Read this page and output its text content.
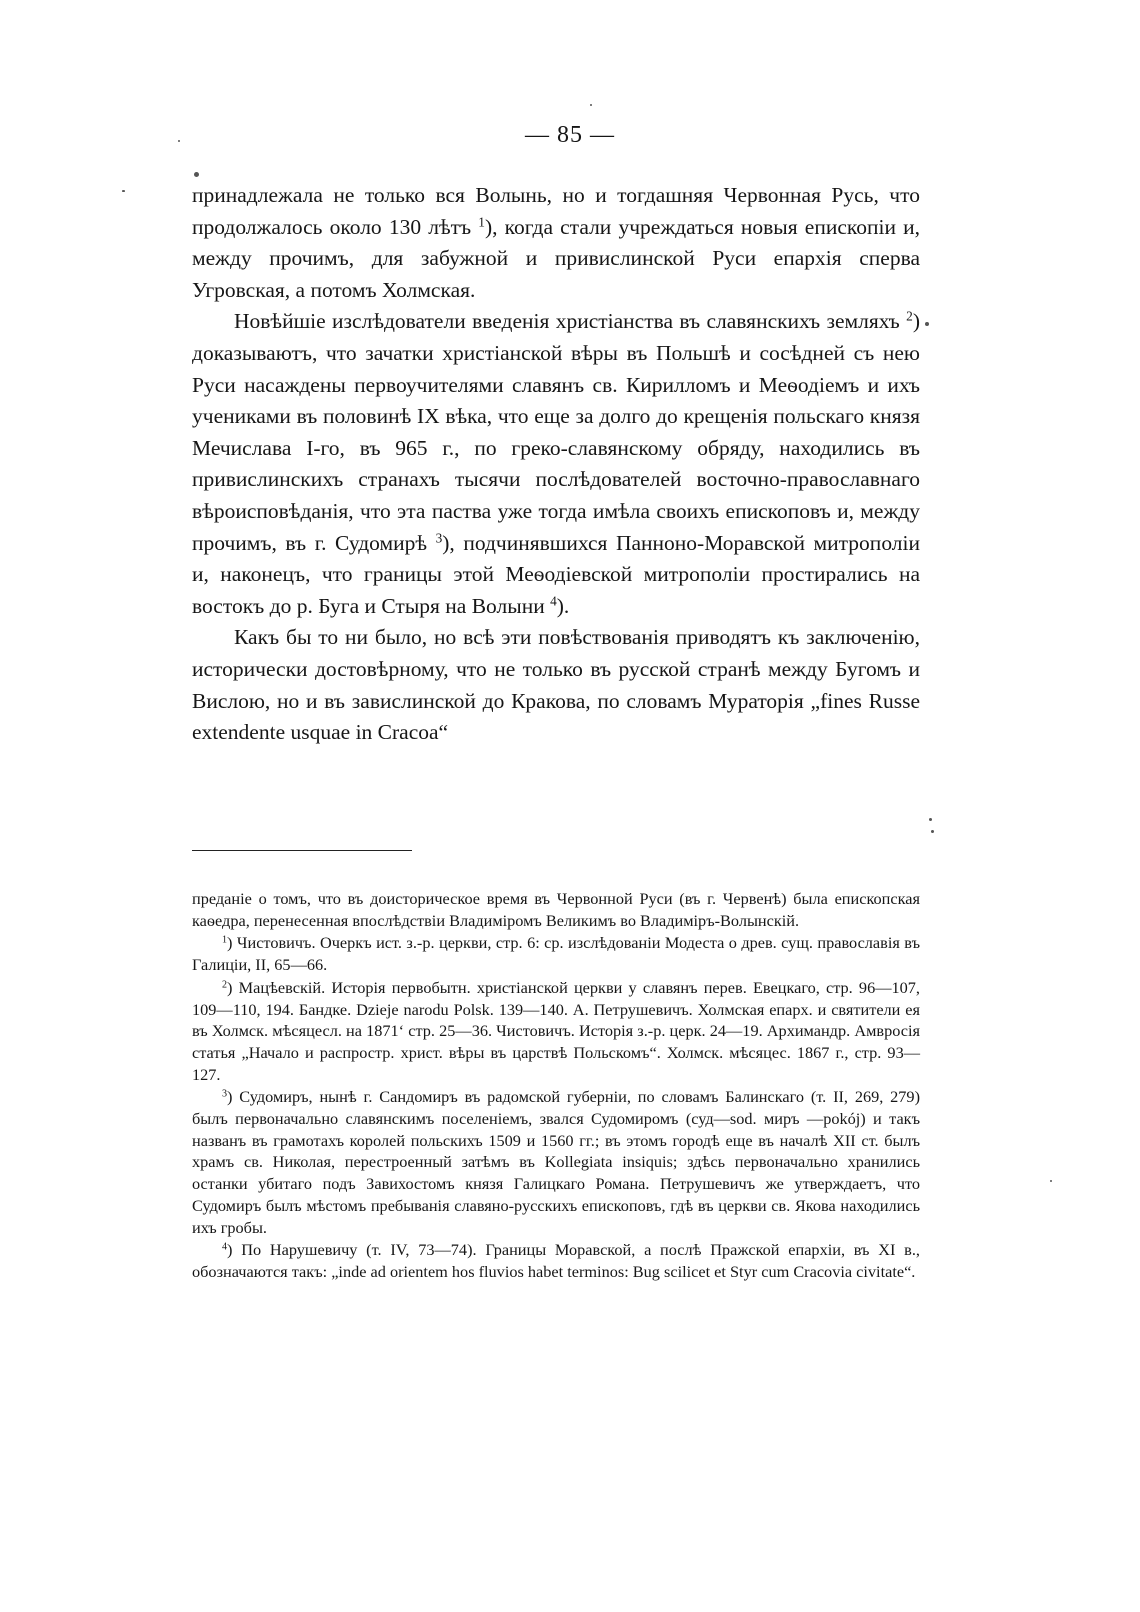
— 85 —

принадлежала не только вся Волынь, но и тогдашняя Червонная Русь, что продолжалось около 130 лѣтъ $^1$), когда стали учреждаться новыя епископiи и, между прочимъ, для забужной и привислинской Руси епархiя сперва Угровская, а потомъ Холмская.

Новѣйшiе изслѣдователи введенiя христiанства въ славянскихъ земляхъ $^2$) доказываютъ, что зачатки христiанской вѣры въ Польшѣ и сосѣдней съ нею Руси насаждены первоучителями славянъ св. Кирилломъ и Меѳодiемъ и ихъ учениками въ половинѣ IX вѣка, что еще за долго до крещенiя польскаго князя Мечислава I-го, въ 965 г., по греко-славянскому обряду, находились въ привислинскихъ странахъ тысячи послѣдователей восточно-православнаго вѣроисповѣданiя, что эта паства уже тогда имѣла своихъ епископовъ и, между прочимъ, въ г. Судомирѣ $^3$), подчинявшихся Панноно-Моравской митрополiи и, наконецъ, что границы этой Меѳодiевской митрополiи простирались на востокъ до р. Буга и Стыря на Волыни $^4$).

Какъ бы то ни было, но всѣ эти повѣствованiя приводятъ къ заключенiю, исторически достовѣрному, что не только въ русской странѣ между Бугомъ и Вислою, но и въ завислинской до Кракова, по словамъ Мураторiя „fines Russe extendente usquae in Cracoa“

преданiе о томъ, что въ доисторическое время въ Червонной Руси (въ г. Червенѣ) была епископская каѳедра, перенесенная впослѣдствiи Владимiромъ Великимъ во Владимiръ-Волынскiй.

$^1$) Чистовичъ. Очеркъ ист. з.-р. церкви, стр. 6: ср. изслѣдованiи Модеста о древ. сущ. православiя въ Галицiи, II, 65—66.

$^2$) Мацѣевскiй. Исторiя первобытн. христiанской церкви у славянъ перев. Евецкаго, стр. 96—107, 109—110, 194. Бандке. Dzieje narodu Polsk. 139—140. А. Петрушевичъ. Холмская епарх. и святители ея въ Холмск. мѣсяцесл. на 1871‘ стр. 25—36. Чистовичъ. Исторiя з.-р. церк. 24—19. Архимандр. Амвросiя статья „Начало и распростр. христ. вѣры въ царствѣ Польскомъ“. Холмск. мѣсяцес. 1867 г., стр. 93—127.

$^3$) Судомиръ, нынѣ г. Сандомиръ въ радомской губернiи, по словамъ Балинскаго (т. II, 269, 279) былъ первоначально славянскимъ поселенiемъ, звался Судомиромъ (суд—sod. миръ —pokój) и такъ названъ въ грамотахъ королей польскихъ 1509 и 1560 гг.; въ этомъ городѣ еще въ началѣ XII ст. былъ храмъ св. Николая, перестроенный затѣмъ въ Kollegiata insiquis; здѣсь первоначально хранились останки убитаго подъ Завихостомъ князя Галицкаго Романа. Петрушевичъ же утверждаетъ, что Судомиръ былъ мѣстомъ пребыванiя славяно-русскихъ епископовъ, гдѣ въ церкви св. Якова находились ихъ гробы.

$^4$) По Нарушевичу (т. IV, 73—74). Границы Моравской, а послѣ Пражской епархiи, въ XI в., обозначаются такъ: „inde ad orientem hos fluvios habet terminos: Bug scilicet et Styr cum Cracovia civitate“.
